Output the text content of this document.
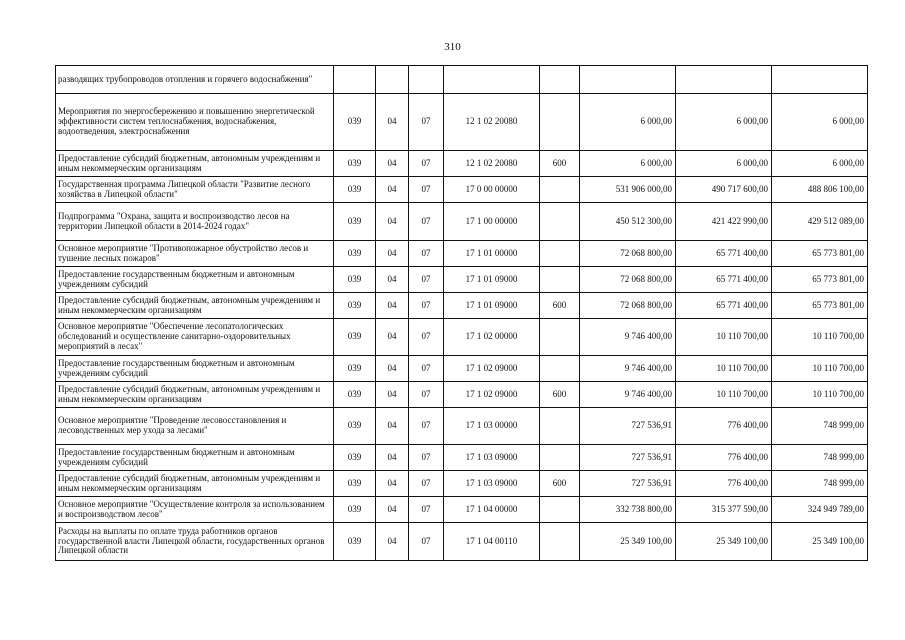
310
разводящих трубопроводов отопления и горячего водоснабжения"								
Мероприятия по энергосбережению и повышению энергетической эффективности систем теплоснабжения, водоснабжения, водоотведения, электроснабжения	039	04	07	12 1 02 20080		6 000,00	6 000,00	6 000,00
Предоставление субсидий бюджетным, автономным учреждениям и иным некоммерческим организациям	039	04	07	12 1 02 20080	600	6 000,00	6 000,00	6 000,00
Государственная программа Липецкой области "Развитие лесного хозяйства в Липецкой области"	039	04	07	17 0 00 00000		531 906 000,00	490 717 600,00	488 806 100,00
Подпрограмма "Охрана, защита и воспроизводство лесов на территории Липецкой области в 2014-2024 годах"	039	04	07	17 1 00 00000		450 512 300,00	421 422 990,00	429 512 089,00
Основное мероприятие "Противопожарное обустройство лесов и тушение лесных пожаров"	039	04	07	17 1 01 00000		72 068 800,00	65 771 400,00	65 773 801,00
Предоставление государственным бюджетным и автономным учреждениям субсидий	039	04	07	17 1 01 09000		72 068 800,00	65 771 400,00	65 773 801,00
Предоставление субсидий бюджетным, автономным учреждениям и иным некоммерческим организациям	039	04	07	17 1 01 09000	600	72 068 800,00	65 771 400,00	65 773 801,00
Основное мероприятие "Обеспечение лесопатологических обследований и осуществление санитарно-оздоровительных мероприятий в лесах"	039	04	07	17 1 02 00000		9 746 400,00	10 110 700,00	10 110 700,00
Предоставление государственным бюджетным и автономным учреждениям субсидий	039	04	07	17 1 02 09000		9 746 400,00	10 110 700,00	10 110 700,00
Предоставление субсидий бюджетным, автономным учреждениям и иным некоммерческим организациям	039	04	07	17 1 02 09000	600	9 746 400,00	10 110 700,00	10 110 700,00
Основное мероприятие "Проведение лесовосстановления и лесоводственных мер ухода за лесами"	039	04	07	17 1 03 00000		727 536,91	776 400,00	748 999,00
Предоставление государственным бюджетным и автономным учреждениям субсидий	039	04	07	17 1 03 09000		727 536,91	776 400,00	748 999,00
Предоставление субсидий бюджетным, автономным учреждениям и иным некоммерческим организациям	039	04	07	17 1 03 09000	600	727 536,91	776 400,00	748 999,00
Основное мероприятие "Осуществление контроля за использованием и воспроизводством лесов"	039	04	07	17 1 04 00000		332 738 800,00	315 377 590,00	324 949 789,00
Расходы на выплаты по оплате труда работников органов государственной власти Липецкой области, государственных органов Липецкой области	039	04	07	17 1 04 00110		25 349 100,00	25 349 100,00	25 349 100,00
